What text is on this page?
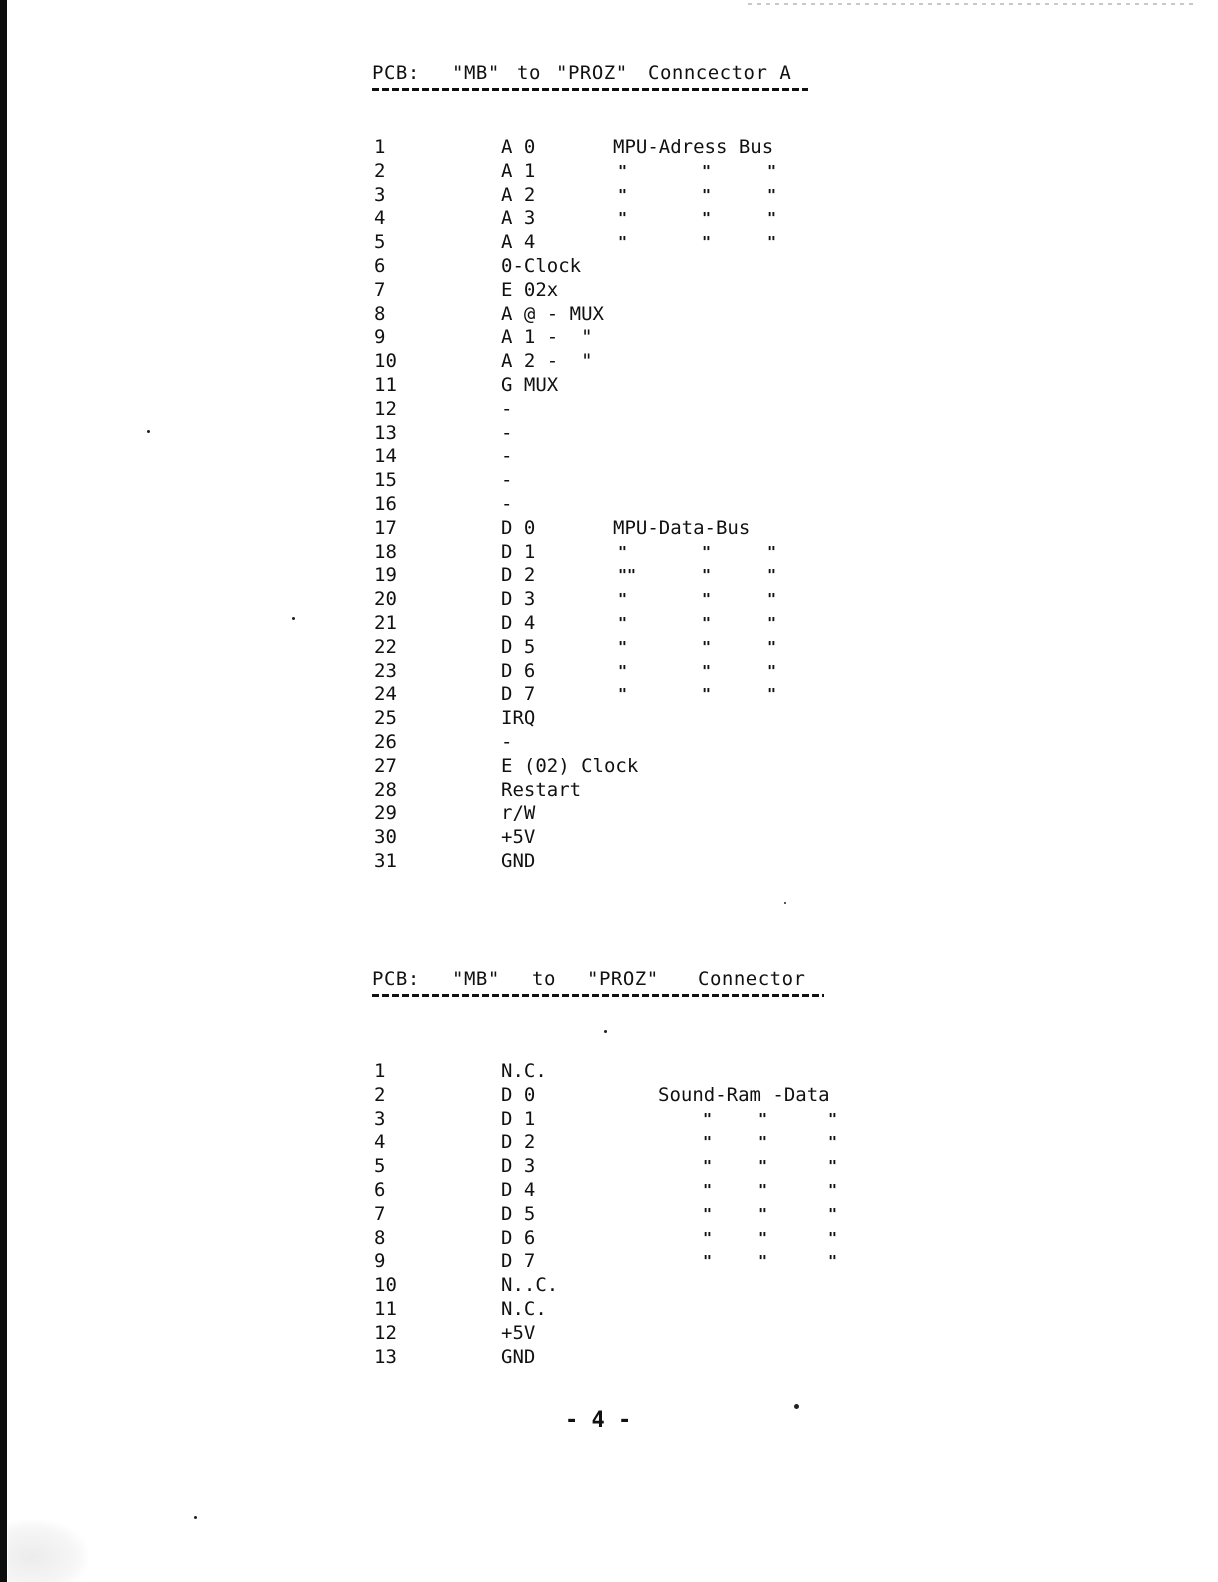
PCB:

"MB"

to

"PROZ"

Conncector A

1	A 0	MPU-Adress Bus
2	A 1	"	"	"
3	A 2	"	"	"
4	A 3	"	"	"
5	A 4	"	"	"
6	0-Clock
7	E 02x
8	A @ - MUX
9	A 1 -  "
10	A 2 -  "
11	G MUX
12	-
13	-
14	-
15	-
16	-
17	D 0	MPU-Data-Bus
18	D 1	"	"	"
19	D 2	""	"	"
20	D 3	"	"	"
21	D 4	"	"	"
22	D 5	"	"	"
23	D 6	"	"	"
24	D 7	"	"	"
25	IRQ
26	-
27	E (02) Clock
28	Restart
29	r/W
30	+5V
31	GND

PCB:

"MB"

to

"PROZ"

Connector

1	N.C.
2	D 0	Sound-Ram -Data
3	D 1	"	"	"
4	D 2	"	"	"
5	D 3	"	"	"
6	D 4	"	"	"
7	D 5	"	"	"
8	D 6	"	"	"
9	D 7	"	"	"
10	N..C.
11	N.C.
12	+5V
13	GND
- 4 -
